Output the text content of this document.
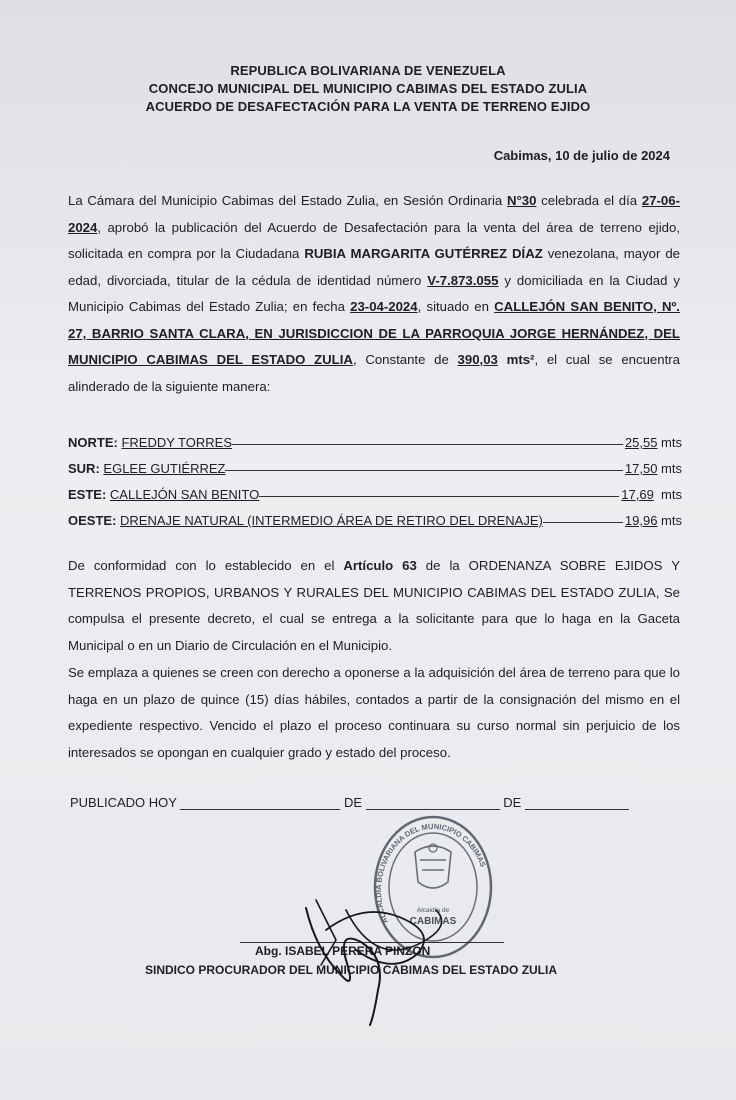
REPUBLICA BOLIVARIANA DE VENEZUELA
CONCEJO MUNICIPAL DEL MUNICIPIO CABIMAS DEL ESTADO ZULIA
ACUERDO DE DESAFECTACIÓN PARA LA VENTA DE TERRENO EJIDO
Cabimas, 10 de julio de 2024
La Cámara del Municipio Cabimas del Estado Zulia, en Sesión Ordinaria N°30 celebrada el día 27-06-2024, aprobó la publicación del Acuerdo de Desafectación para la venta del área de terreno ejido, solicitada en compra por la Ciudadana RUBIA MARGARITA GUTÉRREZ DÍAZ venezolana, mayor de edad, divorciada, titular de la cédula de identidad número V-7.873.055 y domiciliada en la Ciudad y Municipio Cabimas del Estado Zulia; en fecha 23-04-2024, situado en CALLEJÓN SAN BENITO, Nº. 27, BARRIO SANTA CLARA, EN JURISDICCION DE LA PARROQUIA JORGE HERNÁNDEZ, DEL MUNICIPIO CABIMAS DEL ESTADO ZULIA, Constante de 390,03 mts², el cual se encuentra alinderado de la siguiente manera:
NORTE:
FREDDY TORRES	25,55 mts
SUR:
EGLEE GUTIÉRREZ	17,50 mts
ESTE:
CALLEJÓN SAN BENITO	17,69  mts
OESTE:
DRENAJE NATURAL (INTERMEDIO ÁREA DE RETIRO DEL DRENAJE)	19,96 mts
De conformidad con lo establecido en el Artículo 63 de la ORDENANZA SOBRE EJIDOS Y TERRENOS PROPIOS, URBANOS Y RURALES DEL MUNICIPIO CABIMAS DEL ESTADO ZULIA, Se compulsa el presente decreto, el cual se entrega a la solicitante para que lo haga en la Gaceta Municipal o en un Diario de Circulación en el Municipio.
Se emplaza a quienes se creen con derecho a oponerse a la adquisición del área de terreno para que lo haga en un plazo de quince (15) días hábiles, contados a partir de la consignación del mismo en el expediente respectivo. Vencido el plazo el proceso continuara su curso normal sin perjuicio de los interesados se opongan en cualquier grado y estado del proceso.
PUBLICADO HOY	DE	DE
ALCALDIA BOLIVARIANA DEL MUNICIPIO CABIMAS
Alcaldía de
CABIMAS
Abg. ISABEL PERERA PINZON
SINDICO PROCURADOR DEL MUNICIPIO CABIMAS DEL ESTADO ZULIA
